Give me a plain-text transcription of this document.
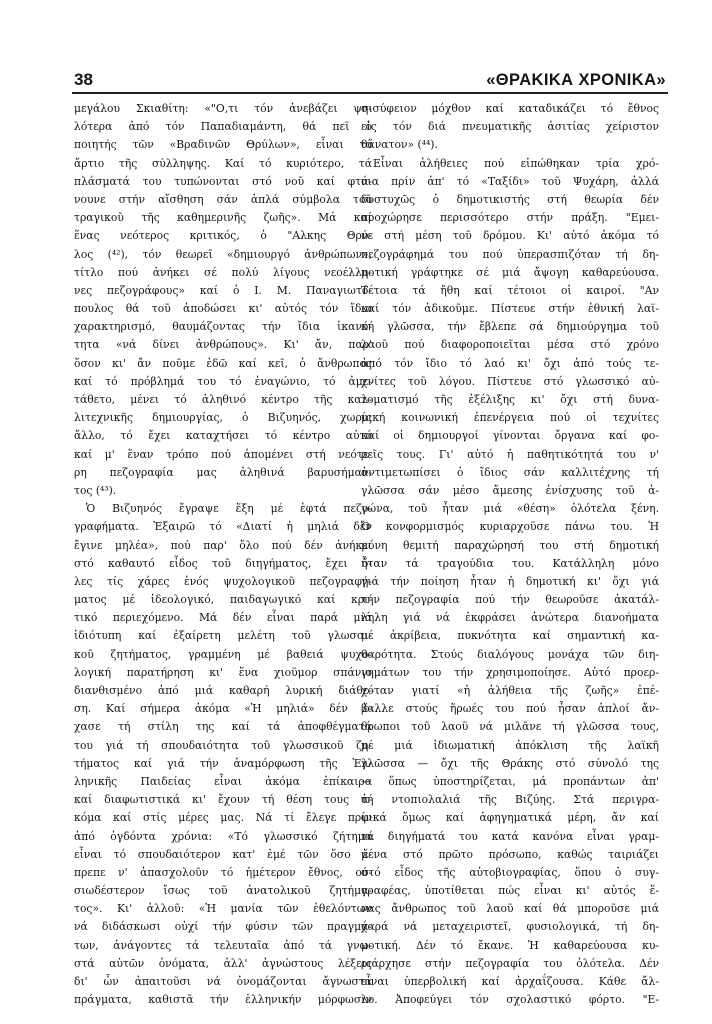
38	«ΘΡΑΚΙΚΑ ΧΡΟΝΙΚΑ»
μεγάλου Σκιαθίτη: «"Ο,τι τόν ἀνεβάζει ψη-
λότερα ἀπό τόν Παπαδιαμάντη, θά πεῖ ὁ
ποιητής τῶν «Βραδινῶν Θρύλων», εἶναι τό
ἄρτιο τῆς σύλληψης. Καί τό κυριότερο, τά
πλάσματά του τυπώνονται στό νοῦ καί φτά-
νουνε στήν αἴσθηση σάν ἁπλά σύμβολα τοῦ
τραγικοῦ τῆς καθημερινῆς ζωῆς». Μά καί
ἕνας νεότερος κριτικός, ὁ "Αλκης Θρύ-
λος (⁴²), τόν θεωρεῖ «δημιουργό ἀνθρώπων»,
τίτλο πού ἀνήκει σέ πολύ λίγους νεοέλλη-
νες πεζογράφους» καί ὁ Ι. Μ. Παναγιωτό-
πουλος θά τοῦ ἀποδώσει κι' αὐτός τόν ἴδιο
χαρακτηρισμό, θαυμάζοντας τήν ἴδια ἱκανό-
τητα «νά δίνει ἀνθρώπους». Κι' ἄν, παρ'
ὅσον κι' ἄν ποῦμε ἐδῶ καί κεῖ, ὁ ἄνθρωπος
καί τό πρόβλημά του τό ἐναγώνιο, τό ἀμε-
τάθετο, μένει τό ἀληθινό κέντρο τῆς καλ-
λιτεχνικῆς δημιουργίας, ὁ Βιζυηνός, χωρίς
ἄλλο, τό ἔχει καταχτήσει τό κέντρο αὐτό
καί μ' ἕναν τρόπο πού ἀπομένει στή νεότε-
ρη πεζογραφία μας ἀληθινά βαρυσήμαν-
τος (⁴³).
Ὁ Βιζυηνός ἔγραψε ἕξη μέ ἑφτά πεζο-
γραφήματα. Ἐξαιρῶ τό «Διατί ἡ μηλιά δέν
ἔγινε μηλέα», πού παρ' ὅλο πού δέν ἀνήκει
στό καθαυτό εἶδος τοῦ διηγήματος, ἔχει ὅ-
λες τίς χάρες ἑνός ψυχολογικοῦ πεζογραφή-
ματος μέ ἰδεολογικό, παιδαγωγικό καί κρι-
τικό περιεχόμενο. Μά δέν εἶναι παρά μιά
ἰδιότυπη καί ἐξαίρετη μελέτη τοῦ γλωσσι-
κοῦ ζητήματος, γραμμένη μέ βαθειά ψυχο-
λογική παρατήρηση κι' ἕνα χιοῦμορ σπάνιο
διανθισμένο ἀπό μιά καθαρή λυρική διάθε-
ση. Καί σήμερα ἀκόμα «Ἡ μηλιά» δέν ἔ-
χασε τή στίλη της καί τά ἀποφθέγματά
του γιά τή σπουδαιότητα τοῦ γλωσσικοῦ ζη-
τήματος καί γιά τήν ἀναμόρφωση τῆς Ἑλ-
ληνικῆς Παιδείας εἶναι ἀκόμα ἐπίκαιρα
καί διαφωτιστικά κι' ἔχουν τή θέση τους ἀ-
κόμα καί στίς μέρες μας. Νά τί ἔλεγε πρίν
ἀπό ὀγδόντα χρόνια: «Τό γλωσσικό ζήτημα
εἶναι τό σπουδαιότερον κατ' ἐμέ τῶν ὅσο ἔ-
πρεπε ν' ἀπασχολοῦν τό ἡμέτερον ἔθνος, ού-
σιωδέστερον ἴσως τοῦ ἀνατολικοῦ ζητήμα-
τος». Κι' ἀλλοῦ: «Ἡ μανία τῶν ἐθελόντων
νά διδάσκωσι οὐχί τήν φύσιν τῶν πραγμά-
των, ἀνάγοντες τά τελευταῖα ἀπό τά γνω-
στά αὐτῶν ὀνόματα, ἀλλ' ἀγνώστους λέξεις
δι' ὧν ἀπαιτοῦσι νά ὀνομάζονται ἄγνωστα
πράγματα, καθιστᾶ τήν ἑλληνικήν μόρφωσιν
σισύφειον μόχθον καί καταδικάζει τό ἔθνος
εἰς τόν διά πνευματικῆς ἀσιτίας χείριστον
θάνατον» (⁴⁴).
Εἶναι ἀλήθειες πού εἰπώθηκαν τρία χρό-
νια πρίν ἀπ' τό «Ταξίδι» τοῦ Ψυχάρη, ἀλλά
δυστυχῶς ὁ δημοτικιστής στή θεωρία δέν
προχώρησε περισσότερο στήν πράξη. "Εμει-
νε στή μέση τοῦ δρόμου. Κι' αὐτό ἀκόμα τό
πεζογράφημά του πού ὑπερασπιζόταν τή δη-
μοτική γράφτηκε σέ μιά ἄψογη καθαρεύουσα.
Τέτοια τά ἤθη καί τέτοιοι οἱ καιροί. "Αν
καί τόν ἀδικοῦμε. Πίστευε στήν ἐθνική λαϊ-
κή γλῶσσα, τήν ἔβλεπε σά δημιούργημα τοῦ
λαοῦ πού διαφοροποιεῖται μέσα στό χρόνο
ἀπό τόν ἴδιο τό λαό κι' ὄχι ἀπό τούς τε-
χνίτες τοῦ λόγου. Πίστευε στό γλωσσικό αὐ-
τοματισμό τῆς ἐξέλιξης κι' ὄχι στή δυνα-
μική κοινωνική ἐπενέργεια πού οἱ τεχνίτες
καί οἱ δημιουργοί γίνονται ὄργανα καί φο-
ρεῖς τους. Γι' αὐτό ἡ παθητικότητά του ν'
ἀντιμετωπίσει ὁ ἴδιος σάν καλλιτέχνης τή
γλῶσσα σάν μέσο ἄμεσης ἐνίσχυσης τοῦ ἀ-
γώνα, τοῦ ἦταν μιά «θέση» ὁλότελα ξένη.
Ὁ κονφορμισμός κυριαρχοῦσε πάνω του. Ἡ
μόνη θεμιτή παραχώρησή του στή δημοτική
ἦταν τά τραγούδια του. Κατάλληλη μόνο
γιά τήν ποίηση ἦταν ἡ δημοτική κι' ὄχι γιά
τήν πεζογραφία πού τήν θεωροῦσε ἀκατάλ-
ληλη γιά νά ἐκφράσει ἀνώτερα διανοήματα
μέ ἀκρίβεια, πυκνότητα καί σημαντική κα-
θαρότητα. Στούς διαλόγους μονάχα τῶν διη-
γημάτων του τήν χρησιμοποίησε. Αὐτό προερ-
χόταν γιατί «ἡ ἀλήθεια τῆς ζωῆς» ἐπέ-
βαλλε στούς ἥρωές του πού ἦσαν ἁπλοί ἄν-
θρωποι τοῦ λαοῦ νά μιλᾶνε τή γλῶσσα τους,
μέ μιά ἰδιωματική ἀπόκλιση τῆς λαϊκῆ
γλῶσσα — ὄχι τῆς Θράκης στό σύνολό της
— ὅπως ὑποστηρίζεται, μά προπάντων ἀπ'
τή ντοπιολαλιά τῆς Βιζύης. Στά περιγρα-
φικά ὅμως καί ἀφηγηματικά μέρη, ἄν καί
τά διηγήματά του κατά κανόνα εἶναι γραμ-
μένα στό πρῶτο πρόσωπο, καθώς ταιριάζει
στό εἶδος τῆς αὐτοβιογραφίας, ὅπου ὁ συγ-
γραφέας, ὑποτίθεται πώς εἶναι κι' αὐτός ἕ-
νας ἄνθρωπος τοῦ λαοῦ καί θά μποροῦσε μιά
χαρά νά μεταχειριστεῖ, φυσιολογικά, τή δη-
μοτική. Δέν τό ἔκανε. Ἡ καθαρεύουσα κυ-
ριάρχησε στήν πεζογραφία του ὁλότελα. Δέν
εἶναι ὑπερβολική καί ἀρχαΐζουσα. Κάθε ἄλ-
λο. Ἀποφεύγει τόν σχολαστικό φόρτο. "Ε-
